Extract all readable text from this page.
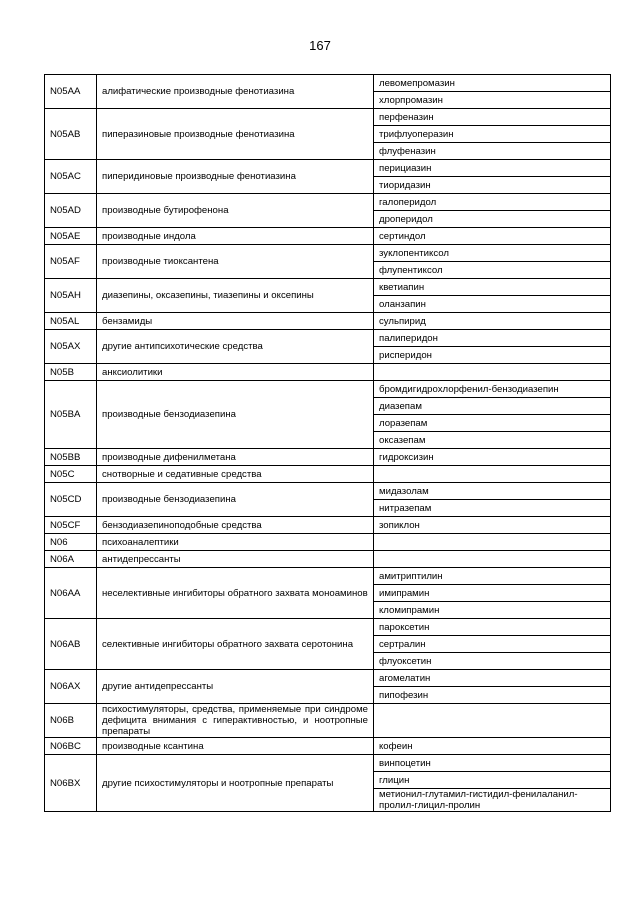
167
N05AA	алифатические производные фенотиазина	левомепромазин
		хлорпромазин
N05AB	пиперазиновые производные фенотиазина	перфеназин
		трифлуоперазин
		флуфеназин
N05AC	пиперидиновые производные фенотиазина	перициазин
		тиоридазин
N05AD	производные бутирофенона	галоперидол
		дроперидол
N05AE	производные индола	сертиндол
N05AF	производные тиоксантена	зуклопентиксол
		флупентиксол
N05AH	диазепины, оксазепины, тиазепины и оксепины	кветиапин
		оланзапин
N05AL	бензамиды	сульпирид
N05AX	другие антипсихотические средства	палиперидон
		рисперидон
N05B	анксиолитики	
N05BA	производные бензодиазепина	бромдигидрохлорфенил-бензодиазепин
		диазепам
		лоразепам
		оксазепам
N05BB	производные дифенилметана	гидроксизин
N05C	снотворные и седативные средства	
N05CD	производные бензодиазепина	мидазолам
		нитразепам
N05CF	бензодиазепиноподобные средства	зопиклон
N06	психоаналептики	
N06A	антидепрессанты	
N06AA	неселективные ингибиторы обратного захвата моноаминов	амитриптилин
		имипрамин
		кломипрамин
N06AB	селективные ингибиторы обратного захвата серотонина	пароксетин
		сертралин
		флуоксетин
N06AX	другие антидепрессанты	агомелатин
		пипофезин
N06B	психостимуляторы, средства, применяемые при синдроме дефицита внимания с гиперактивностью, и ноотропные препараты	
N06BC	производные ксантина	кофеин
N06BX	другие психостимуляторы и ноотропные препараты	винпоцетин
		глицин
		метионил-глутамил-гистидил-фенилаланил-пролил-глицил-пролин
